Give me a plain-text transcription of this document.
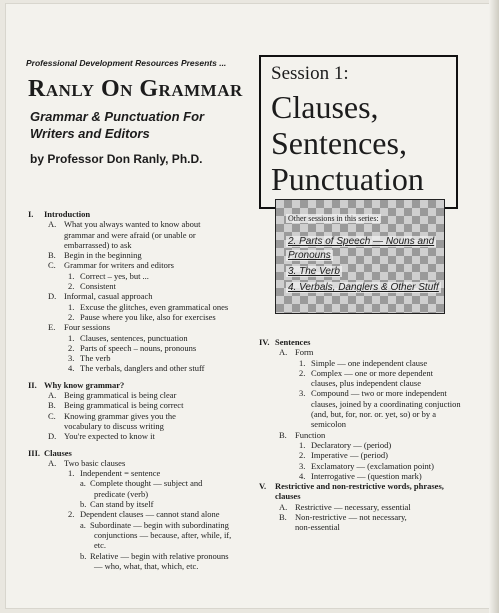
Professional Development Resources Presents ...
Ranly On Grammar
Grammar & Punctuation For Writers and Editors
by Professor Don Ranly, Ph.D.
Session 1:
Clauses,
Sentences,
Punctuation
Other sessions in this series:
2. Parts of Speech — Nouns and
Pronouns
3. The Verb
4. Verbals, Danglers & Other Stuff
I. Introduction
A. What you always wanted to know about
grammar and were afraid (or unable or
embarrassed) to ask
B. Begin in the beginning
C. Grammar for writers and editors
1. Correct – yes, but ...
2. Consistent
D. Informal, casual approach
1. Excuse the glitches, even grammatical ones
2. Pause where you like, also for exercises
E. Four sessions
1. Clauses, sentences, punctuation
2. Parts of speech – nouns, pronouns
3. The verb
4. The verbals, danglers and other stuff
II. Why know grammar?
A. Being grammatical is being clear
B. Being grammatical is being correct
C. Knowing grammar gives you the
vocabulary to discuss writing
D. You're expected to know it
III. Clauses
A. Two basic clauses
1. Independent = sentence
a. Complete thought — subject and
predicate (verb)
b. Can stand by itself
2. Dependent clauses — cannot stand alone
a. Subordinate — begin with subordinating
conjunctions — because, after, while, if,
etc.
b. Relative — begin with relative pronouns
— who, what, that, which, etc.
IV. Sentences
A. Form
1. Simple — one independent clause
2. Complex — one or more dependent
clauses, plus independent clause
3. Compound — two or more independent
clauses, joined by a coordinating conjuction
(and, but, for, nor. or. yet, so) or by a
semicolon
B. Function
1. Declaratory — (period)
2. Imperative — (period)
3. Exclamatory — (exclamation point)
4. Interrogative — (question mark)
V. Restrictive and non-restrictive words, phrases,
clauses
A. Restrictive — necessary, essential
B. Non-restrictive — not necessary,
non-essential
